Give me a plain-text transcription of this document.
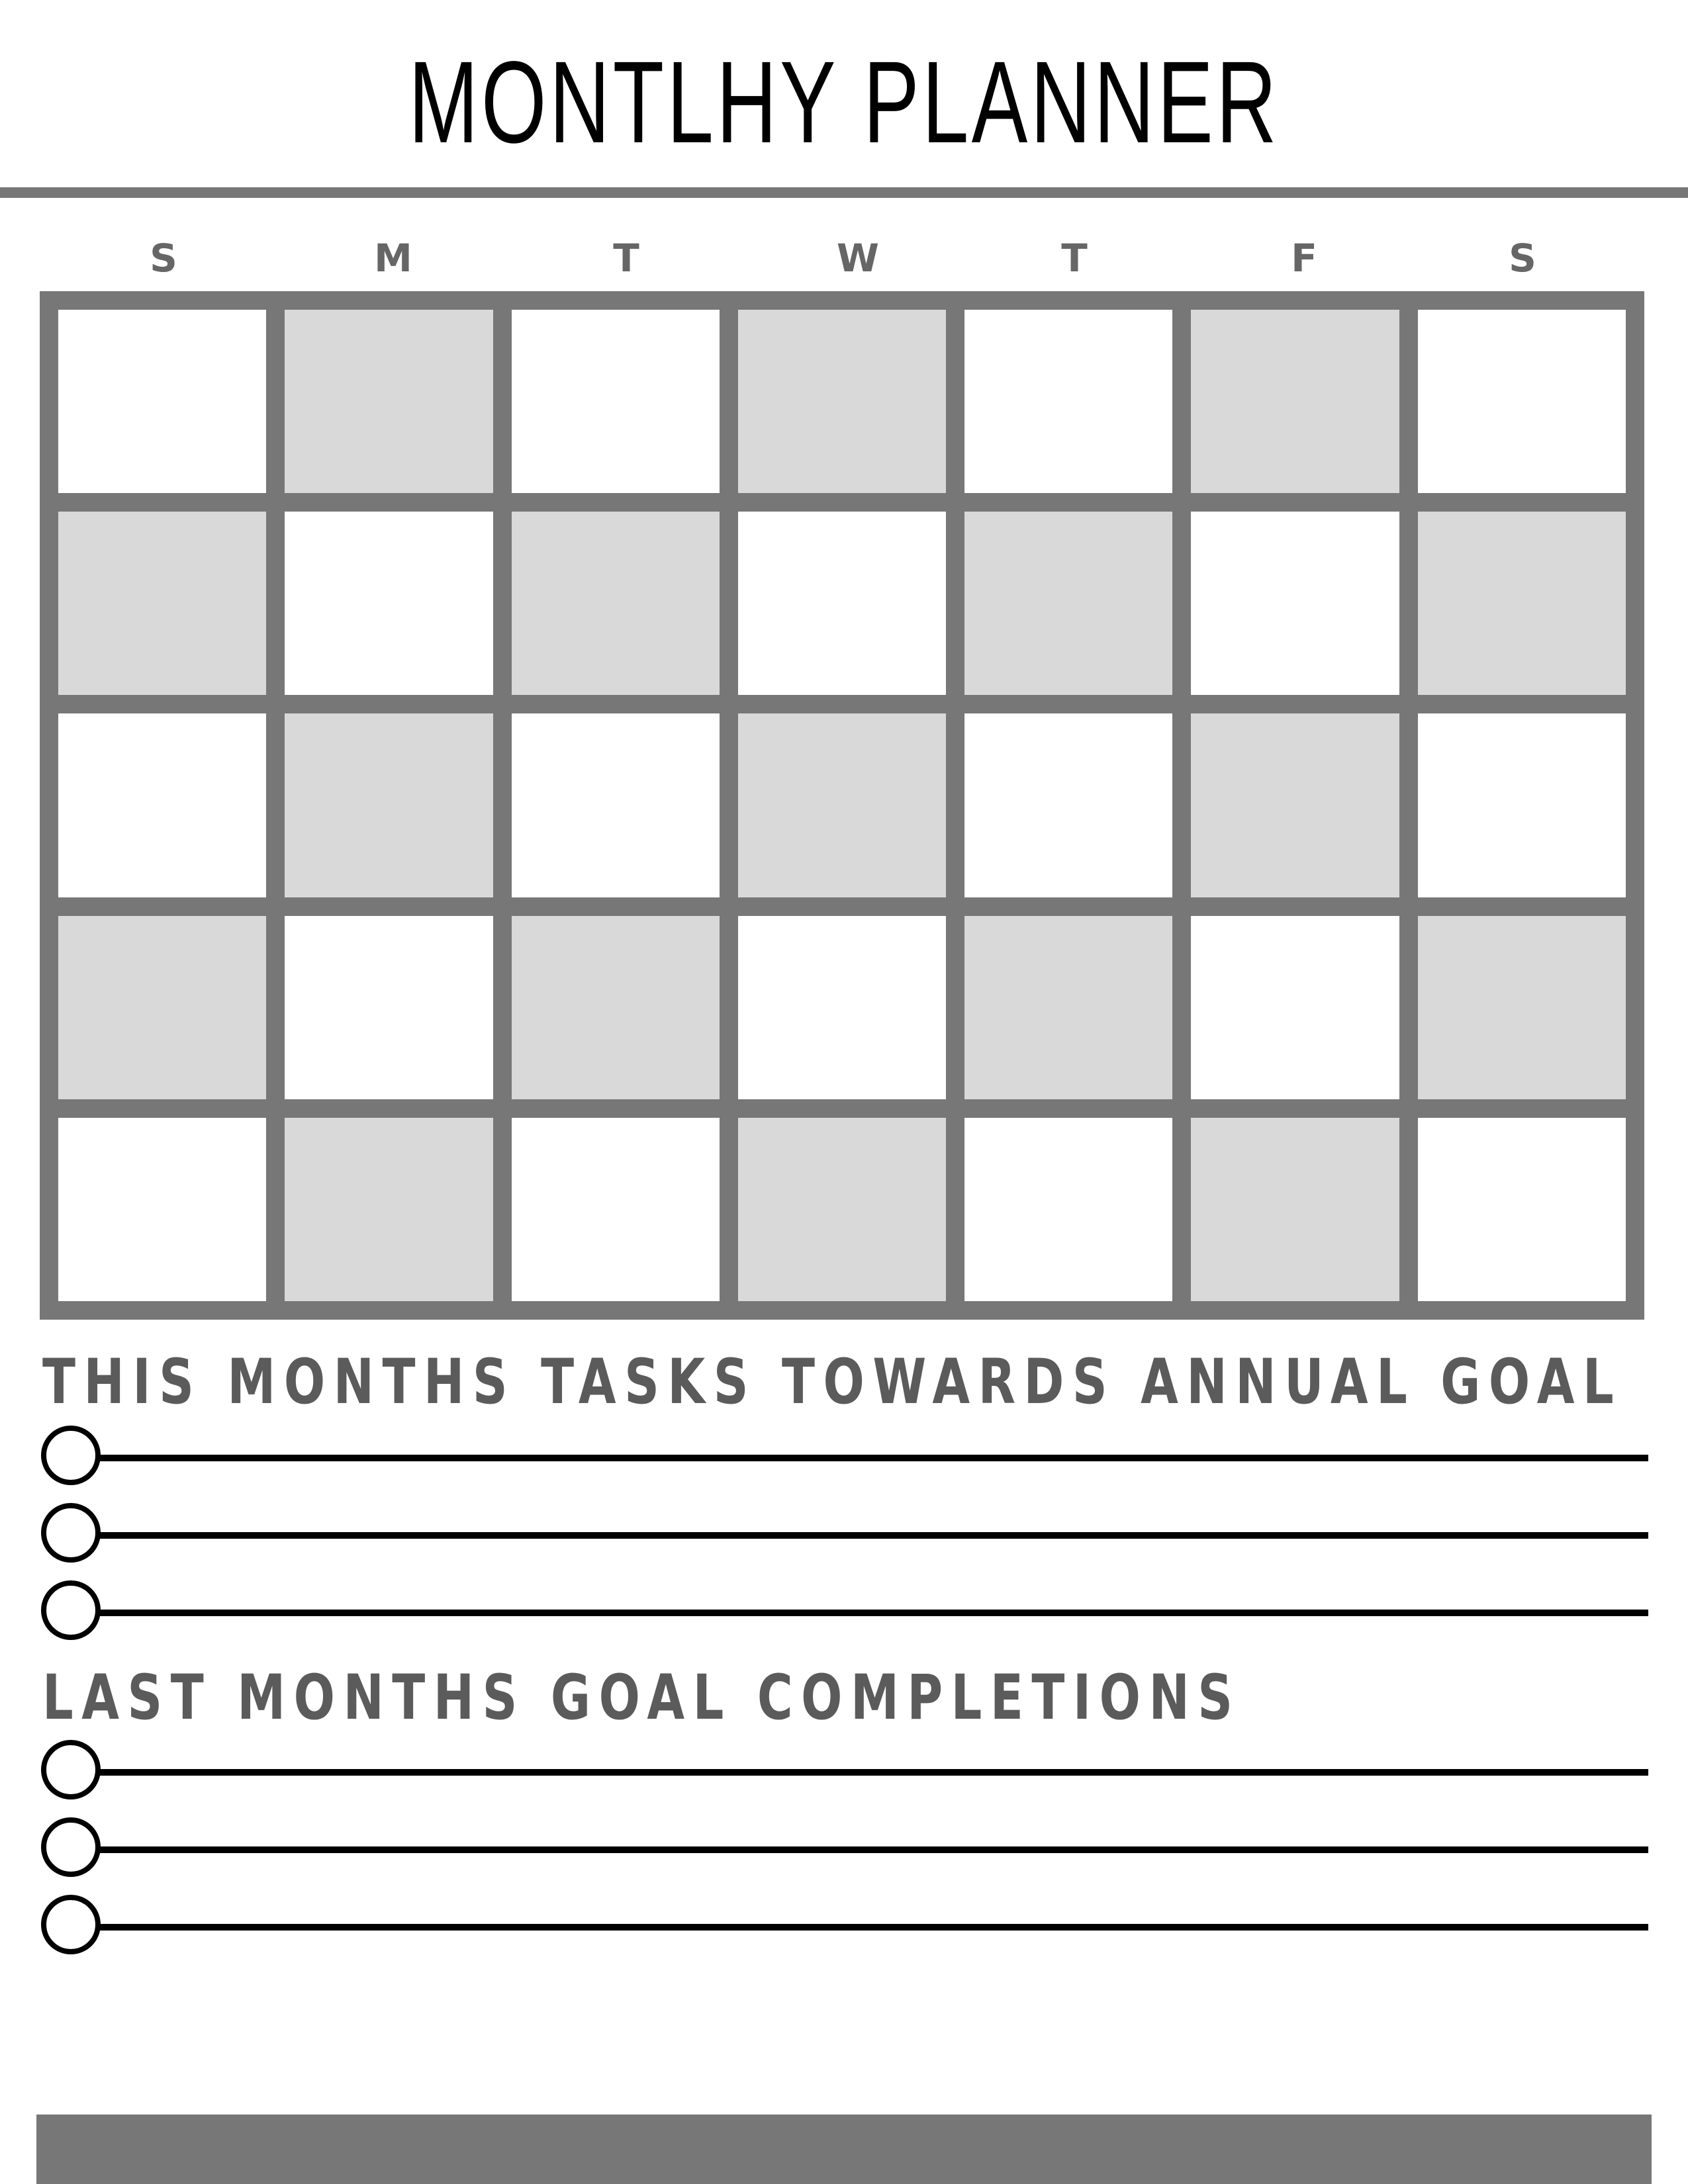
MONTLHY PLANNER
S	M	T	W	T	F	S
THIS MONTHS TASKS TOWARDS ANNUAL GOAL
LAST MONTHS GOAL COMPLETIONS
